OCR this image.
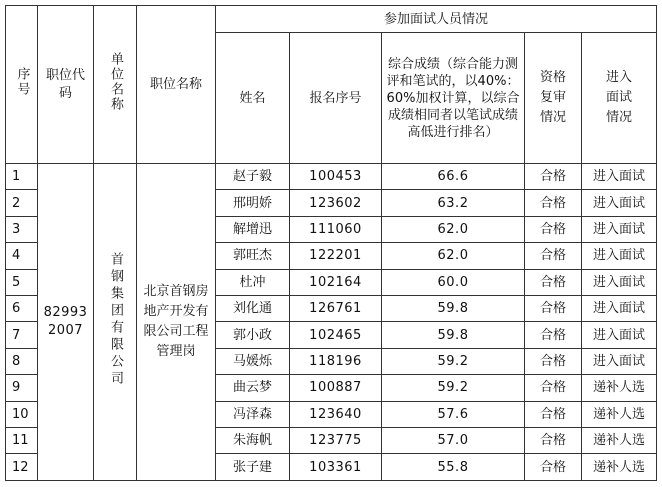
序号	职位代码	单位名称	职位名称	参加面试人员情况				
				姓名	报名序号	综合成绩（综合能力测评和笔试的，以40%：60%加权计算，以综合成绩相同者以笔试成绩高低进行排名）	资格复审情况	进入面试情况
1	82993 2007	首钢集团有限公司	北京首钢房地产开发有限公司工程管理岗	赵子毅	100453	66.6	合格	进入面试
2				邢明娇	123602	63.2	合格	进入面试
3				解增迅	111060	62.0	合格	进入面试
4				郭旺杰	122201	62.0	合格	进入面试
5				杜冲	102164	60.0	合格	进入面试
6				刘化通	126761	59.8	合格	进入面试
7				郭小政	102465	59.8	合格	进入面试
8				马媛烁	118196	59.2	合格	进入面试
9				曲云梦	100887	59.2	合格	递补人选
10				冯泽森	123640	57.6	合格	递补人选
11				朱海帆	123775	57.0	合格	递补人选
12				张子建	103361	55.8	合格	递补人选
